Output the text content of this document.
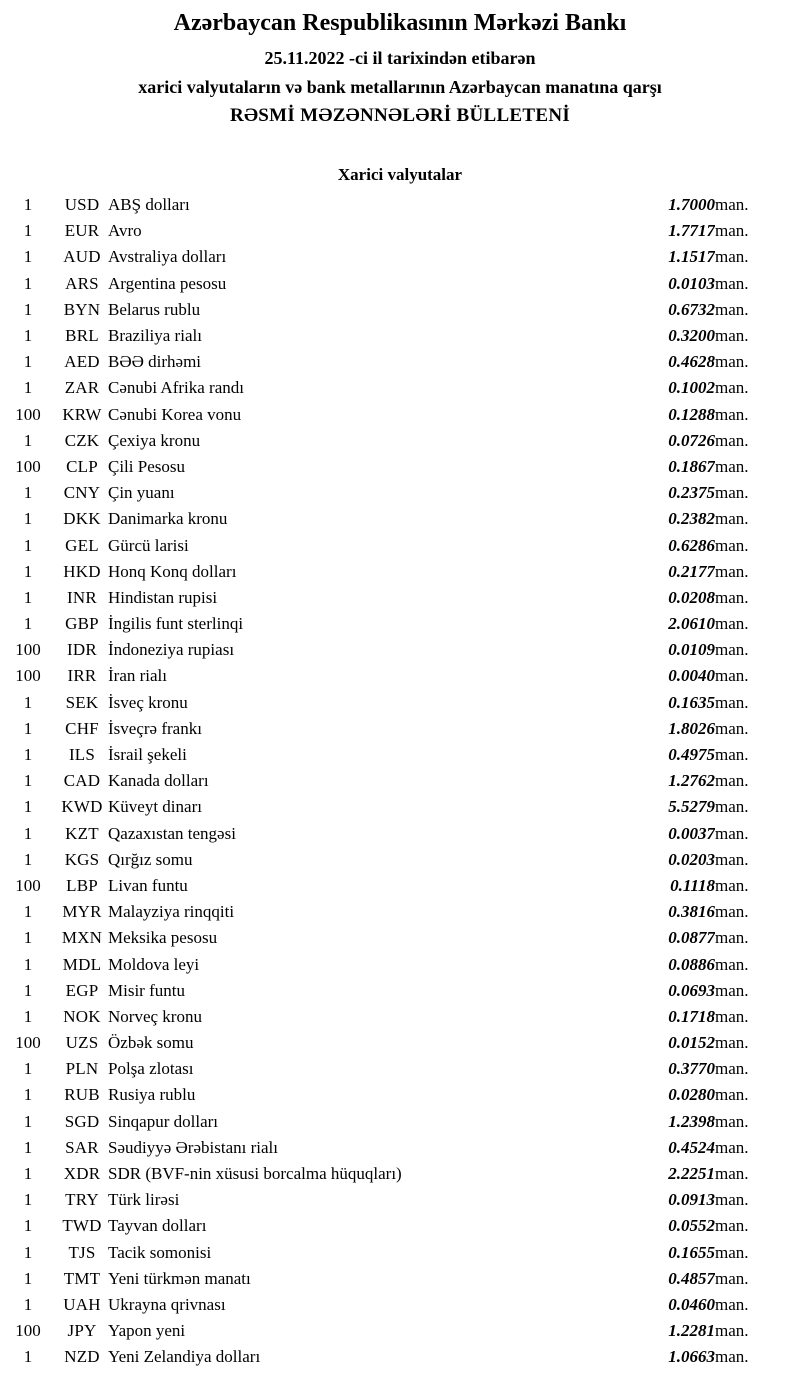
Azərbaycan Respublikasının Mərkəzi Bankı
25.11.2022 -ci il tarixindən etibarən
xarici valyutaların və bank metallarının Azərbaycan manatına qarşı
RƏSMİ MƏZƏNNƏLƏRİ BÜLLETENİ
Xarici valyutalar
1	USD	ABŞ dolları	1.7000	man.
1	EUR	Avro	1.7717	man.
1	AUD	Avstraliya dolları	1.1517	man.
1	ARS	Argentina pesosu	0.0103	man.
1	BYN	Belarus rublu	0.6732	man.
1	BRL	Braziliya rialı	0.3200	man.
1	AED	BƏƏ dirhəmi	0.4628	man.
1	ZAR	Cənubi Afrika randı	0.1002	man.
100	KRW	Cənubi Korea vonu	0.1288	man.
1	CZK	Çexiya kronu	0.0726	man.
100	CLP	Çili Pesosu	0.1867	man.
1	CNY	Çin yuanı	0.2375	man.
1	DKK	Danimarka kronu	0.2382	man.
1	GEL	Gürcü larisi	0.6286	man.
1	HKD	Honq Konq dolları	0.2177	man.
1	INR	Hindistan rupisi	0.0208	man.
1	GBP	İngilis funt sterlinqi	2.0610	man.
100	IDR	İndoneziya rupiası	0.0109	man.
100	IRR	İran rialı	0.0040	man.
1	SEK	İsveç kronu	0.1635	man.
1	CHF	İsveçrə frankı	1.8026	man.
1	ILS	İsrail şekeli	0.4975	man.
1	CAD	Kanada dolları	1.2762	man.
1	KWD	Küveyt dinarı	5.5279	man.
1	KZT	Qazaxıstan tengəsi	0.0037	man.
1	KGS	Qırğız somu	0.0203	man.
100	LBP	Livan funtu	0.1118	man.
1	MYR	Malayziya rinqqiti	0.3816	man.
1	MXN	Meksika pesosu	0.0877	man.
1	MDL	Moldova leyi	0.0886	man.
1	EGP	Misir funtu	0.0693	man.
1	NOK	Norveç kronu	0.1718	man.
100	UZS	Özbək somu	0.0152	man.
1	PLN	Polşa zlotası	0.3770	man.
1	RUB	Rusiya rublu	0.0280	man.
1	SGD	Sinqapur dolları	1.2398	man.
1	SAR	Səudiyyə Ərəbistanı rialı	0.4524	man.
1	XDR	SDR (BVF-nin xüsusi borcalma hüquqları)	2.2251	man.
1	TRY	Türk lirəsi	0.0913	man.
1	TWD	Tayvan dolları	0.0552	man.
1	TJS	Tacik somonisi	0.1655	man.
1	TMT	Yeni türkmən manatı	0.4857	man.
1	UAH	Ukrayna qrivnası	0.0460	man.
100	JPY	Yapon yeni	1.2281	man.
1	NZD	Yeni Zelandiya dolları	1.0663	man.
